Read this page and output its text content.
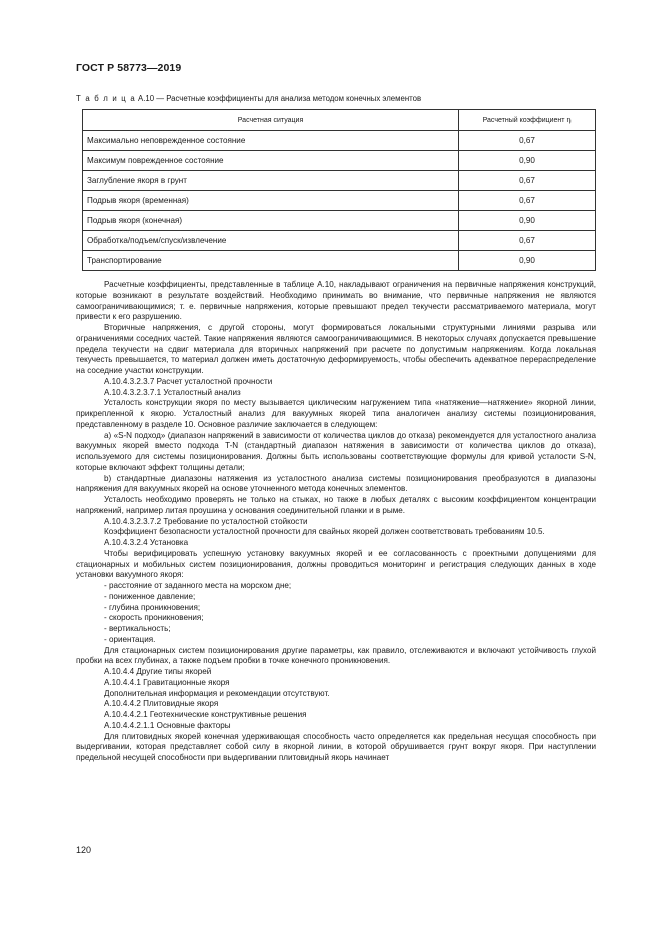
ГОСТ Р 58773—2019
Т а б л и ц а А.10 — Расчетные коэффициенты для анализа методом конечных элементов
Расчетная ситуация	Расчетный коэффициент ηᵢ
Максимально неповрежденное состояние	0,67
Максимум поврежденное состояние	0,90
Заглубление якоря в грунт	0,67
Подрыв якоря (временная)	0,67
Подрыв якоря (конечная)	0,90
Обработка/подъем/спуск/извлечение	0,67
Транспортирование	0,90

Расчетные коэффициенты, представленные в таблице А.10, накладывают ограничения на первичные напряжения конструкций, которые возникают в результате воздействий. Необходимо принимать во внимание, что первичные напряжения не являются самоограничивающимися; т. е. первичные напряжения, которые превышают предел текучести рассматриваемого материала, могут привести к его разрушению.

Вторичные напряжения, с другой стороны, могут формироваться локальными структурными линиями разрыва или ограничениями соседних частей. Такие напряжения являются самоограничивающимися. В некоторых случаях допускается превышение предела текучести на сдвиг материала для вторичных напряжений при расчете по допустимым напряжениям. Когда локальная текучесть превышается, то материал должен иметь достаточную деформируемость, чтобы обеспечить адекватное перераспределение на соседние участки конструкции.

А.10.4.3.2.3.7 Расчет усталостной прочности

А.10.4.3.2.3.7.1 Усталостный анализ

Усталость конструкции якоря по месту вызывается циклическим нагружением типа «натяжение—натяжение» якорной линии, прикрепленной к якорю. Усталостный анализ для вакуумных якорей типа аналогичен анализу системы позиционирования, представленному в разделе 10. Основное различие заключается в следующем:

а) «S-N подход» (диапазон напряжений в зависимости от количества циклов до отказа) рекомендуется для усталостного анализа вакуумных якорей вместо подхода T-N (стандартный диапазон натяжения в зависимости от количества циклов до отказа), используемого для системы позиционирования. Должны быть использованы соответствующие формулы для кривой усталости S-N, которые включают эффект толщины детали;

b) стандартные диапазоны натяжения из усталостного анализа системы позиционирования преобразуются в диапазоны напряжения для вакуумных якорей на основе уточненного метода конечных элементов.

Усталость необходимо проверять не только на стыках, но также в любых деталях с высоким коэффициентом концентрации напряжений, например литая проушина у основания соединительной планки и в рыме.

А.10.4.3.2.3.7.2 Требование по усталостной стойкости

Коэффициент безопасности усталостной прочности для свайных якорей должен соответствовать требованиям 10.5.

А.10.4.3.2.4 Установка

Чтобы верифицировать успешную установку вакуумных якорей и ее согласованность с проектными допущениями для стационарных и мобильных систем позиционирования, должны проводиться мониторинг и регистрация следующих данных в ходе установки вакуумного якоря:

- расстояние от заданного места на морском дне;
- пониженное давление;
- глубина проникновения;
- скорость проникновения;
- вертикальность;
- ориентация.

Для стационарных систем позиционирования другие параметры, как правило, отслеживаются и включают устойчивость глухой пробки на всех глубинах, а также подъем пробки в точке конечного проникновения.

А.10.4.4 Другие типы якорей

А.10.4.4.1 Гравитационные якоря

Дополнительная информация и рекомендации отсутствуют.

А.10.4.4.2 Плитовидные якоря

А.10.4.4.2.1 Геотехнические конструктивные решения

А.10.4.4.2.1.1 Основные факторы

Для плитовидных якорей конечная удерживающая способность часто определяется как предельная несущая способность при выдергивании, которая представляет собой силу в якорной линии, в которой обрушивается грунт вокруг якоря. При наступлении предельной несущей способности при выдергивании плитовидный якорь начинает

120
